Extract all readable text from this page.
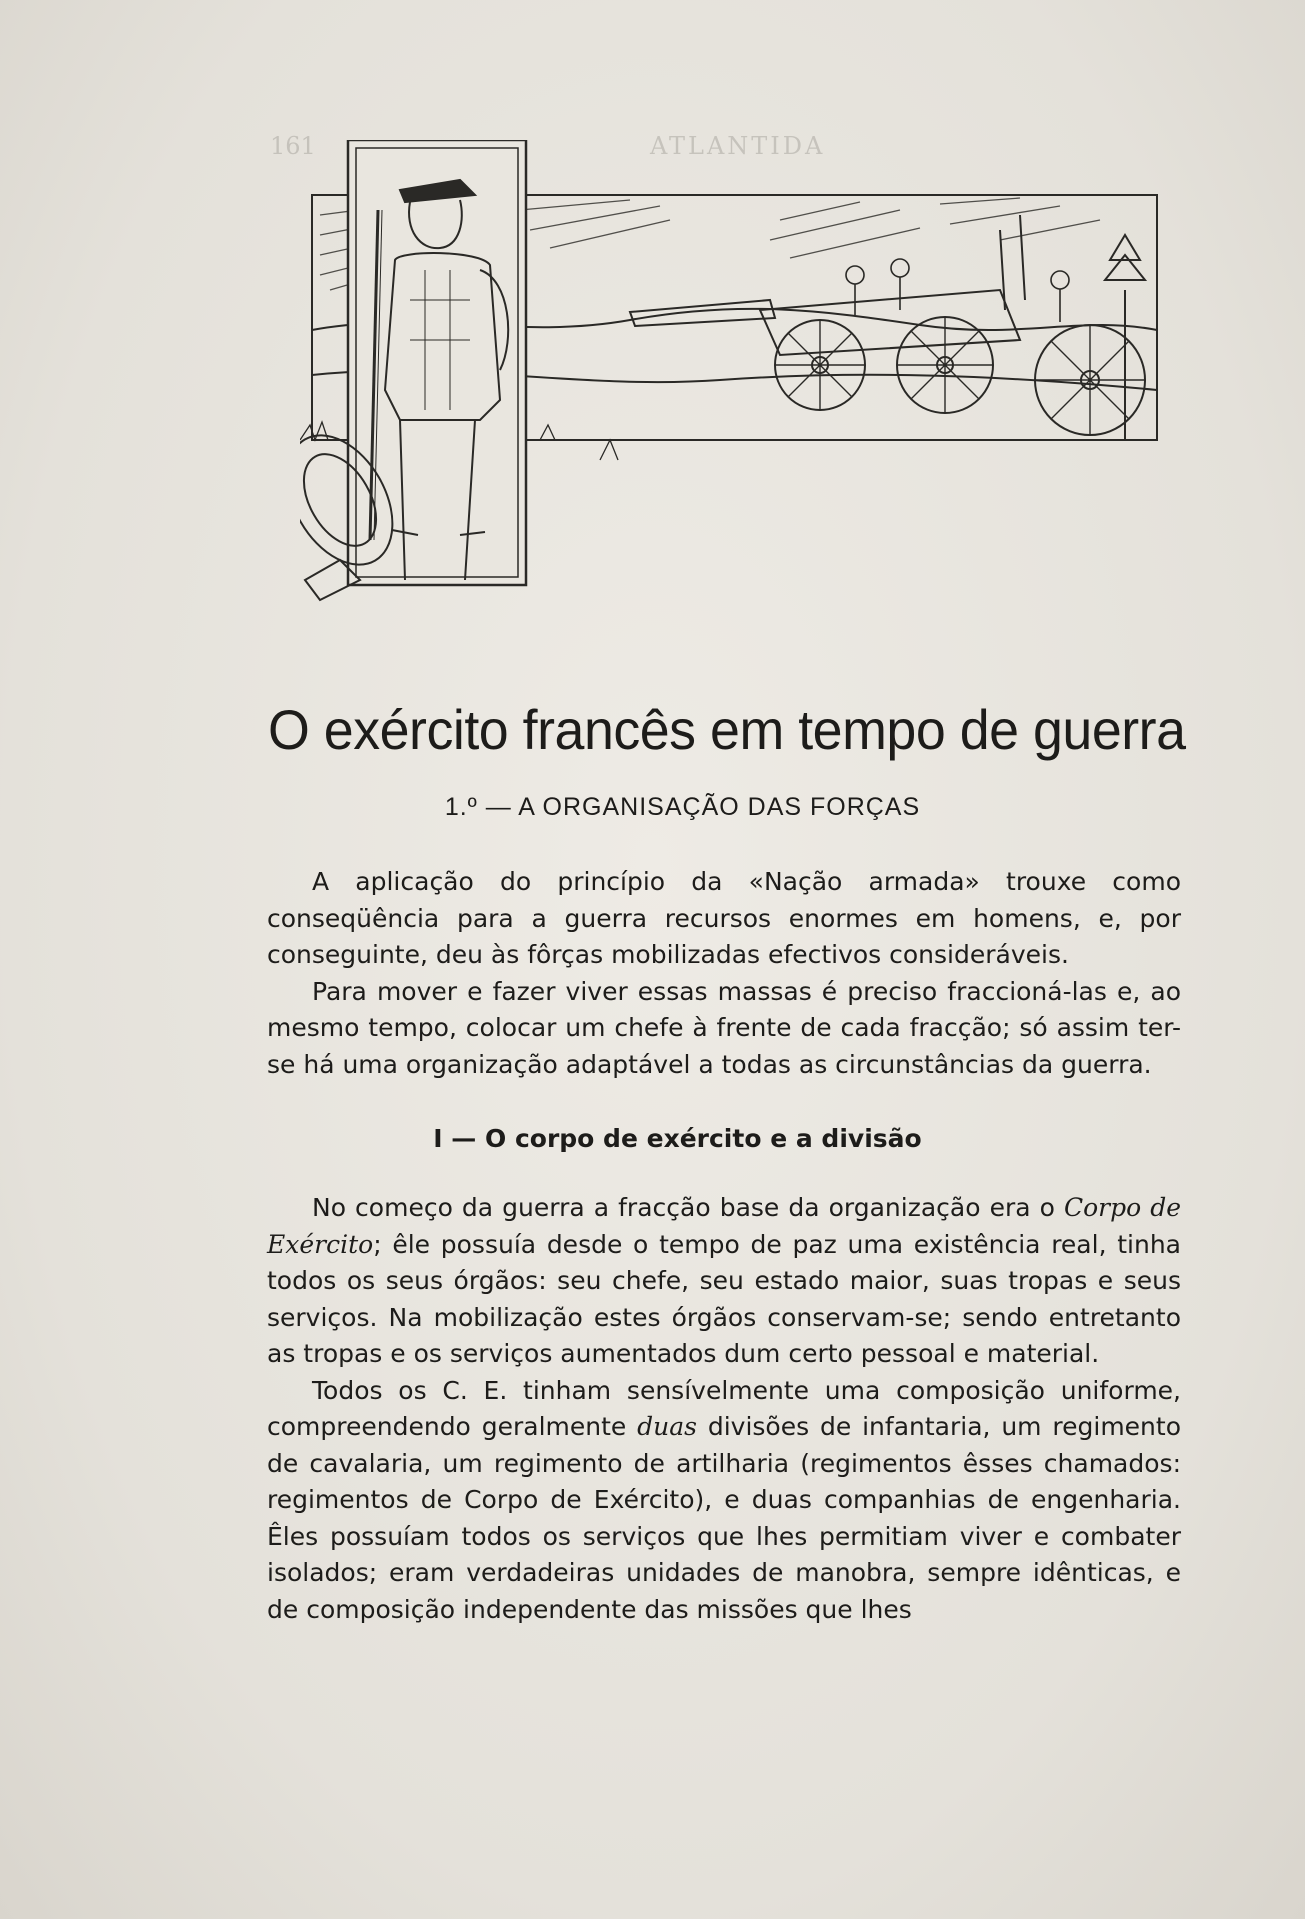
161	ATLANTIDA
O exército francês em tempo de guerra
1.º — A ORGANISAÇÃO DAS FORÇAS

A aplicação do princípio da «Nação armada» trouxe como conseqüência para a guerra recursos enormes em homens, e, por conseguinte, deu às fôrças mobilizadas efectivos consideráveis.

Para mover e fazer viver essas massas é preciso fraccioná-las e, ao mesmo tempo, colocar um chefe à frente de cada fracção; só assim ter-se há uma organização adaptável a todas as circunstâncias da guerra.

I — O corpo de exército e a divisão

No começo da guerra a fracção base da organização era o Corpo de Exército; êle possuía desde o tempo de paz uma existência real, tinha todos os seus órgãos: seu chefe, seu estado maior, suas tropas e seus serviços. Na mobilização estes órgãos conservam-se; sendo entretanto as tropas e os serviços aumentados dum certo pessoal e material.

Todos os C. E. tinham sensívelmente uma composição uniforme, compreendendo geralmente duas divisões de infantaria, um regimento de cavalaria, um regimento de artilharia (regimentos êsses chamados: regimentos de Corpo de Exército), e duas companhias de engenharia. Êles possuíam todos os serviços que lhes permitiam viver e combater isolados; eram verdadeiras unidades de manobra, sempre idênticas, e de composição independente das missões que lhes
